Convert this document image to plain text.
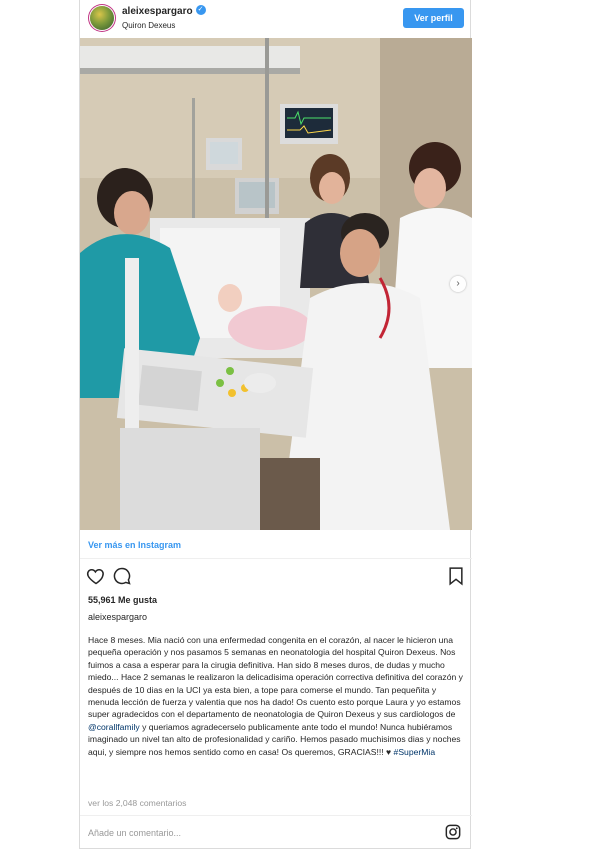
aleixespargaro ✓
Quiron Dexeus
Ver perfil
›
Ver más en Instagram
55,961 Me gusta
aleixespargaro

Hace 8 meses. Mia nació con una enfermedad congenita en el corazón, al nacer le hicieron una pequeña operación y nos pasamos 5 semanas en neonatologia del hospital Quiron Dexeus. Nos fuimos a casa a esperar para la cirugia definitiva. Han sido 8 meses duros, de dudas y mucho miedo... Hace 2 semanas le realizaron la delicadisima operación correctiva definitiva del corazón y después de 10 dias en la UCI ya esta bien, a tope para comerse el mundo. Tan pequeñita y menuda lección de fuerza y valentia que nos ha dado! Os cuento esto porque Laura y yo estamos super agradecidos con el departamento de neonatologia de Quiron Dexeus y sus cardiologos de @corallfamily y queriamos agradecerselo publicamente ante todo el mundo! Nunca hubiéramos imaginado un nivel tan alto de profesionalidad y cariño. Hemos pasado muchisimos dias y noches aqui, y siempre nos hemos sentido como en casa! Os queremos, GRACIAS!!! ♥ #SuperMia

ver los 2,048 comentarios
Añade un comentario...
